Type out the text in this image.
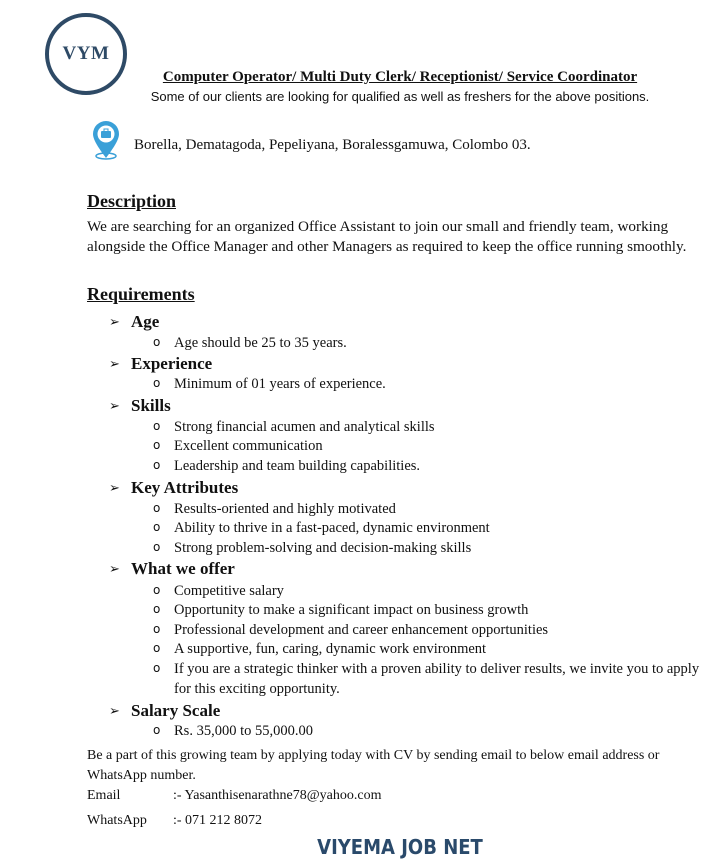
VYM
Computer Operator/ Multi Duty Clerk/ Receptionist/ Service Coordinator
Some of our clients are looking for qualified as well as freshers for the above positions.
Borella, Dematagoda, Pepeliyana, Boralessgamuwa, Colombo 03.
Description
We are searching for an organized Office Assistant to join our small and friendly team, working alongside the Office Manager and other Managers as required to keep the office running smoothly.
Requirements
➢ Age
o Age should be 25 to 35 years.
➢ Experience
o Minimum of 01 years of experience.
➢ Skills
o Strong financial acumen and analytical skills
o Excellent communication
o Leadership and team building capabilities.
➢ Key Attributes
o Results-oriented and highly motivated
o Ability to thrive in a fast-paced, dynamic environment
o Strong problem-solving and decision-making skills
➢ What we offer
o Competitive salary
o Opportunity to make a significant impact on business growth
o Professional development and career enhancement opportunities
o A supportive, fun, caring, dynamic work environment
o If you are a strategic thinker with a proven ability to deliver results, we invite you to apply for this exciting opportunity.
➢ Salary Scale
o Rs. 35,000 to 55,000.00
Be a part of this growing team by applying today with CV by sending email to below email address or WhatsApp number.
Email	:- Yasanthisenarathne78@yahoo.com
WhatsApp :- 071 212 8072
VIYEMA JOB NET
